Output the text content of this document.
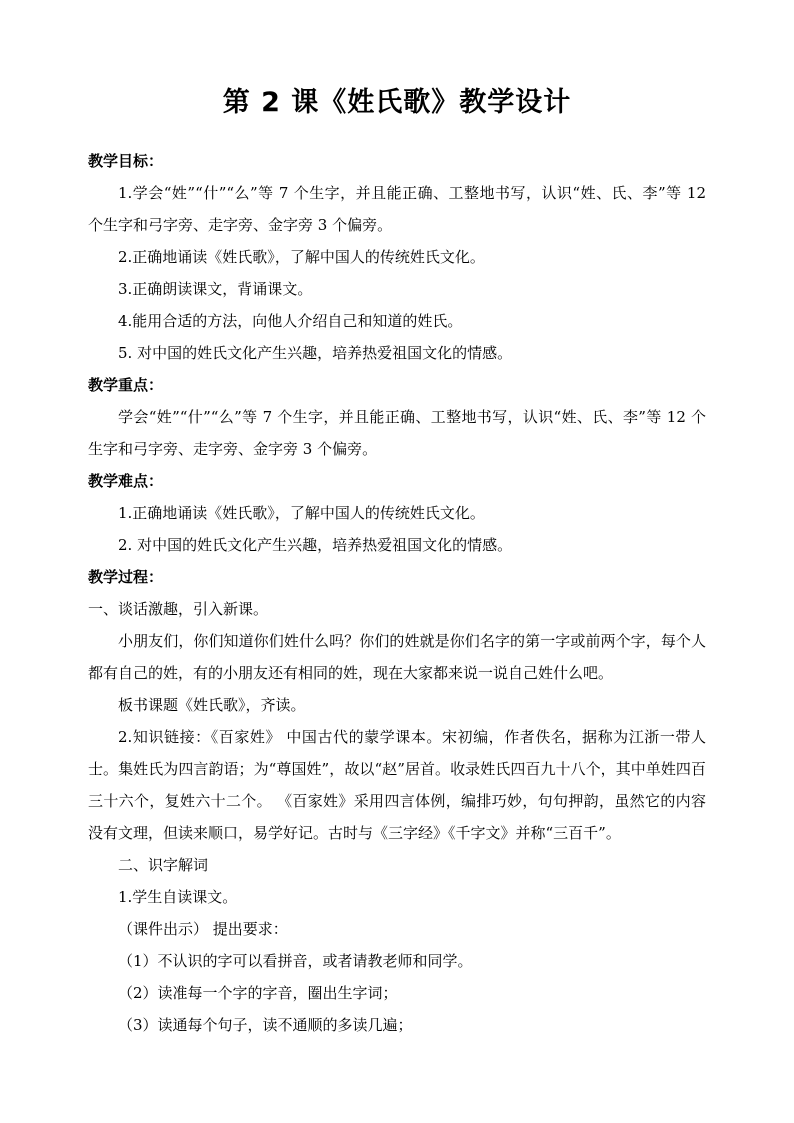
第 2 课《姓氏歌》教学设计

教学目标：

1.学会“姓”“什”“么”等 7 个生字，并且能正确、工整地书写，认识“姓、氏、李”等 12 个生字和弓字旁、走字旁、金字旁 3 个偏旁。

2.正确地诵读《姓氏歌》，了解中国人的传统姓氏文化。

3.正确朗读课文，背诵课文。

4.能用合适的方法，向他人介绍自己和知道的姓氏。

5. 对中国的姓氏文化产生兴趣，培养热爱祖国文化的情感。

教学重点：

学会“姓”“什”“么”等 7 个生字，并且能正确、工整地书写，认识“姓、氏、李”等 12 个生字和弓字旁、走字旁、金字旁 3 个偏旁。

教学难点：

1.正确地诵读《姓氏歌》，了解中国人的传统姓氏文化。

2. 对中国的姓氏文化产生兴趣，培养热爱祖国文化的情感。

教学过程：

一、谈话激趣，引入新课。

小朋友们，你们知道你们姓什么吗？你们的姓就是你们名字的第一字或前两个字，每个人都有自己的姓，有的小朋友还有相同的姓，现在大家都来说一说自己姓什么吧。

板书课题《姓氏歌》，齐读。

2.知识链接：《百家姓》 中国古代的蒙学课本。宋初编，作者佚名，据称为江浙一带人士。集姓氏为四言韵语；为“尊国姓”，故以“赵”居首。收录姓氏四百九十八个，其中单姓四百三十六个，复姓六十二个。 《百家姓》采用四言体例，编排巧妙，句句押韵，虽然它的内容没有文理，但读来顺口，易学好记。古时与《三字经》《千字文》并称“三百千”。

二、识字解词

1.学生自读课文。

（课件出示） 提出要求：

（1）不认识的字可以看拼音，或者请教老师和同学。

（2）读准每一个字的字音，圈出生字词；

（3）读通每个句子，读不通顺的多读几遍；
